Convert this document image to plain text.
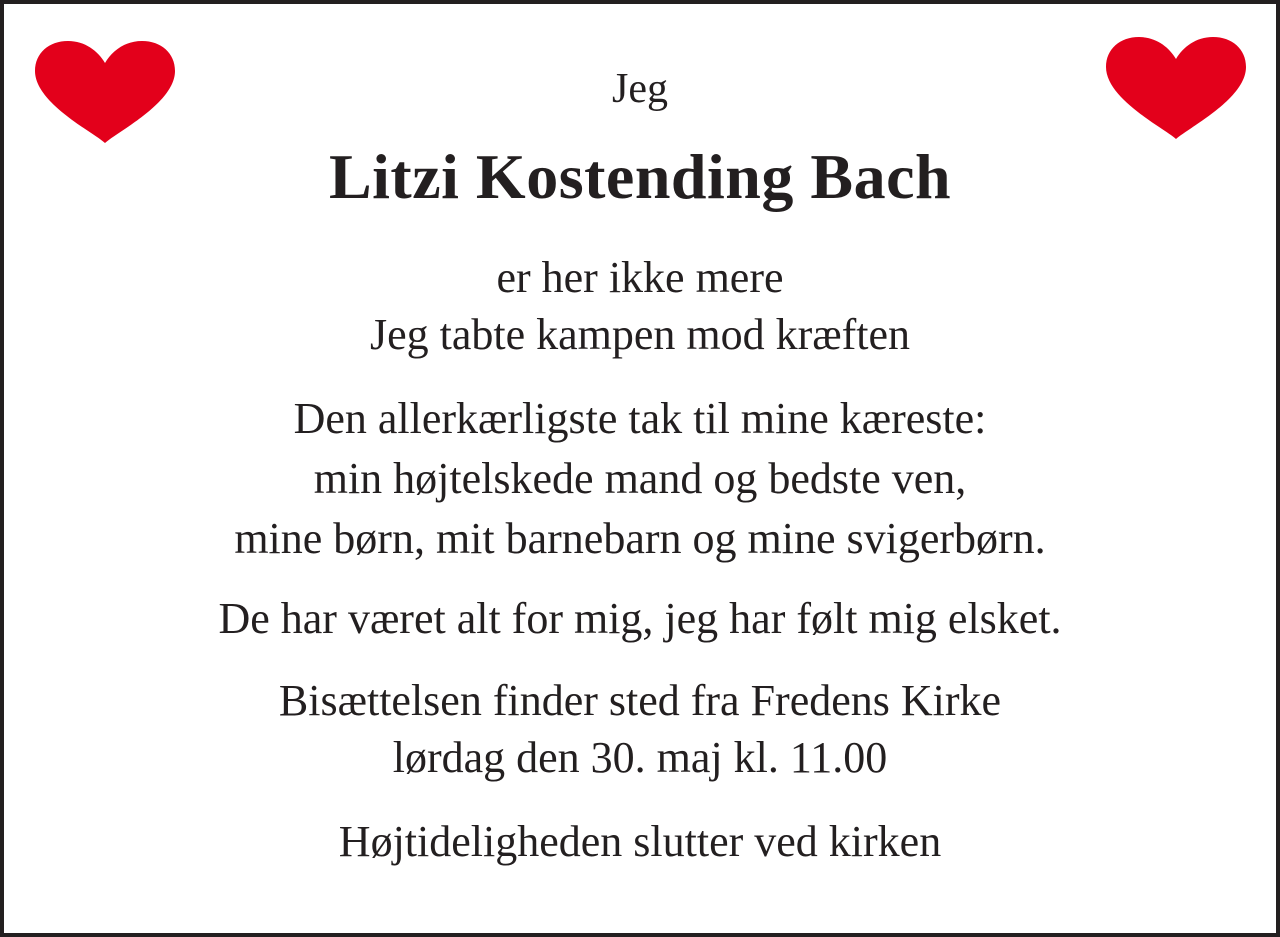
Jeg
Litzi Kostending Bach
er her ikke mere
Jeg tabte kampen mod kræften
Den allerkærligste tak til mine kæreste:
min højtelskede mand og bedste ven,
mine børn, mit barnebarn og mine svigerbørn.
De har været alt for mig, jeg har følt mig elsket.
Bisættelsen finder sted fra Fredens Kirke
lørdag den 30. maj kl. 11.00
Højtideligheden slutter ved kirken
